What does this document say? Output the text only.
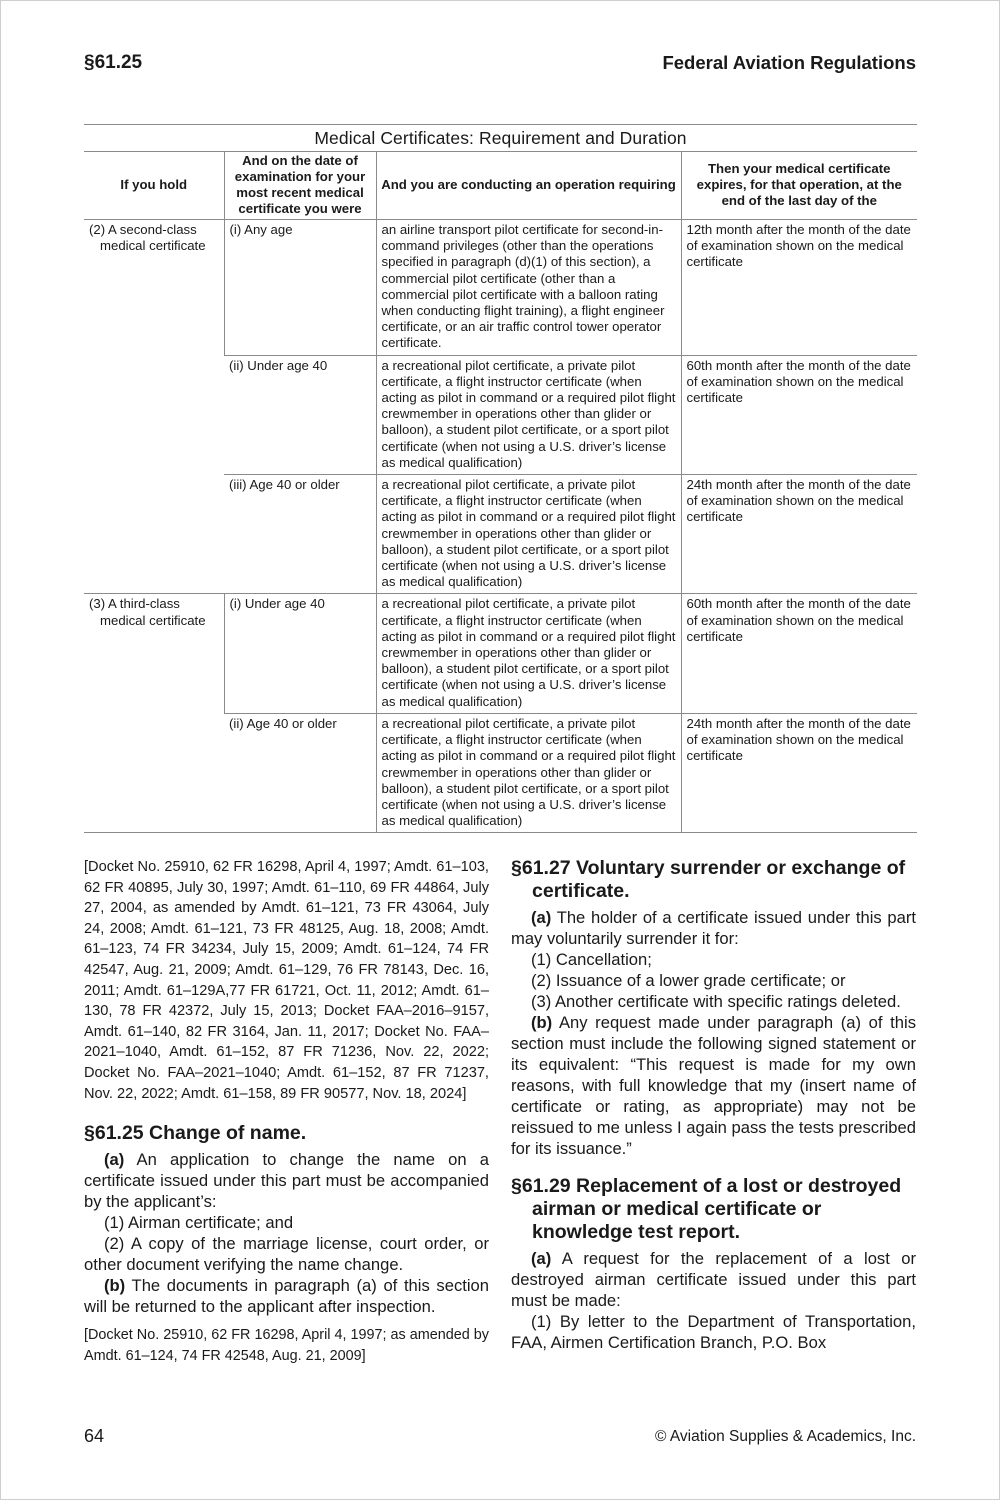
§61.25	Federal Aviation Regulations
Medical Certificates: Requirement and Duration
If you hold	And on the date of examination for your most recent medical certificate you were	And you are conducting an operation requiring	Then your medical certificate expires, for that operation, at the end of the last day of the

(2) A second-class medical certificate	(i) Any age	an airline transport pilot certificate for second-in-command privileges (other than the operations specified in paragraph (d)(1) of this section), a commercial pilot certificate (other than a commercial pilot certificate with a balloon rating when conducting flight training), a flight engineer certificate, or an air traffic control tower operator certificate.	12th month after the month of the date of examination shown on the medical certificate
	(ii) Under age 40	a recreational pilot certificate, a private pilot certificate, a flight instructor certificate (when acting as pilot in command or a required pilot flight crewmember in operations other than glider or balloon), a student pilot certificate, or a sport pilot certificate (when not using a U.S. driver’s license as medical qualification)	60th month after the month of the date of examination shown on the medical certificate
	(iii) Age 40 or older	a recreational pilot certificate, a private pilot certificate, a flight instructor certificate (when acting as pilot in command or a required pilot flight crewmember in operations other than glider or balloon), a student pilot certificate, or a sport pilot certificate (when not using a U.S. driver’s license as medical qualification)	24th month after the month of the date of examination shown on the medical certificate

(3) A third-class medical certificate	(i) Under age 40	a recreational pilot certificate, a private pilot certificate, a flight instructor certificate (when acting as pilot in command or a required pilot flight crewmember in operations other than glider or balloon), a student pilot certificate, or a sport pilot certificate (when not using a U.S. driver’s license as medical qualification)	60th month after the month of the date of examination shown on the medical certificate
	(ii) Age 40 or older	a recreational pilot certificate, a private pilot certificate, a flight instructor certificate (when acting as pilot in command or a required pilot flight crewmember in operations other than glider or balloon), a student pilot certificate, or a sport pilot certificate (when not using a U.S. driver’s license as medical qualification)	24th month after the month of the date of examination shown on the medical certificate

[Docket No. 25910, 62 FR 16298, April 4, 1997; Amdt. 61–103, 62 FR 40895, July 30, 1997; Amdt. 61–110, 69 FR 44864, July 27, 2004, as amended by Amdt. 61–121, 73 FR 43064, July 24, 2008; Amdt. 61–121, 73 FR 48125, Aug. 18, 2008; Amdt. 61–123, 74 FR 34234, July 15, 2009; Amdt. 61–124, 74 FR 42547, Aug. 21, 2009; Amdt. 61–129, 76 FR 78143, Dec. 16, 2011; Amdt. 61–129A,77 FR 61721, Oct. 11, 2012; Amdt. 61–130, 78 FR 42372, July 15, 2013; Docket FAA–2016–9157, Amdt. 61–140, 82 FR 3164, Jan. 11, 2017; Docket No. FAA–2021–1040, Amdt. 61–152, 87 FR 71236, Nov. 22, 2022; Docket No. FAA–2021–1040; Amdt. 61–152, 87 FR 71237, Nov. 22, 2022; Amdt. 61–158, 89 FR 90577, Nov. 18, 2024]

§61.25 Change of name.

(a) An application to change the name on a certificate issued under this part must be accompanied by the applicant’s:

(1) Airman certificate; and

(2) A copy of the marriage license, court order, or other document verifying the name change.

(b) The documents in paragraph (a) of this section will be returned to the applicant after inspection.

[Docket No. 25910, 62 FR 16298, April 4, 1997; as amended by Amdt. 61–124, 74 FR 42548, Aug. 21, 2009]

§61.27 Voluntary surrender or exchange of certificate.

(a) The holder of a certificate issued under this part may voluntarily surrender it for:

(1) Cancellation;

(2) Issuance of a lower grade certificate; or

(3) Another certificate with specific ratings deleted.

(b) Any request made under paragraph (a) of this section must include the following signed statement or its equivalent: “This request is made for my own reasons, with full knowledge that my (insert name of certificate or rating, as appropriate) may not be reissued to me unless I again pass the tests prescribed for its issuance.”

§61.29 Replacement of a lost or destroyed airman or medical certificate or knowledge test report.

(a) A request for the replacement of a lost or destroyed airman certificate issued under this part must be made:

(1) By letter to the Department of Transportation, FAA, Airmen Certification Branch, P.O. Box

64	© Aviation Supplies & Academics, Inc.
